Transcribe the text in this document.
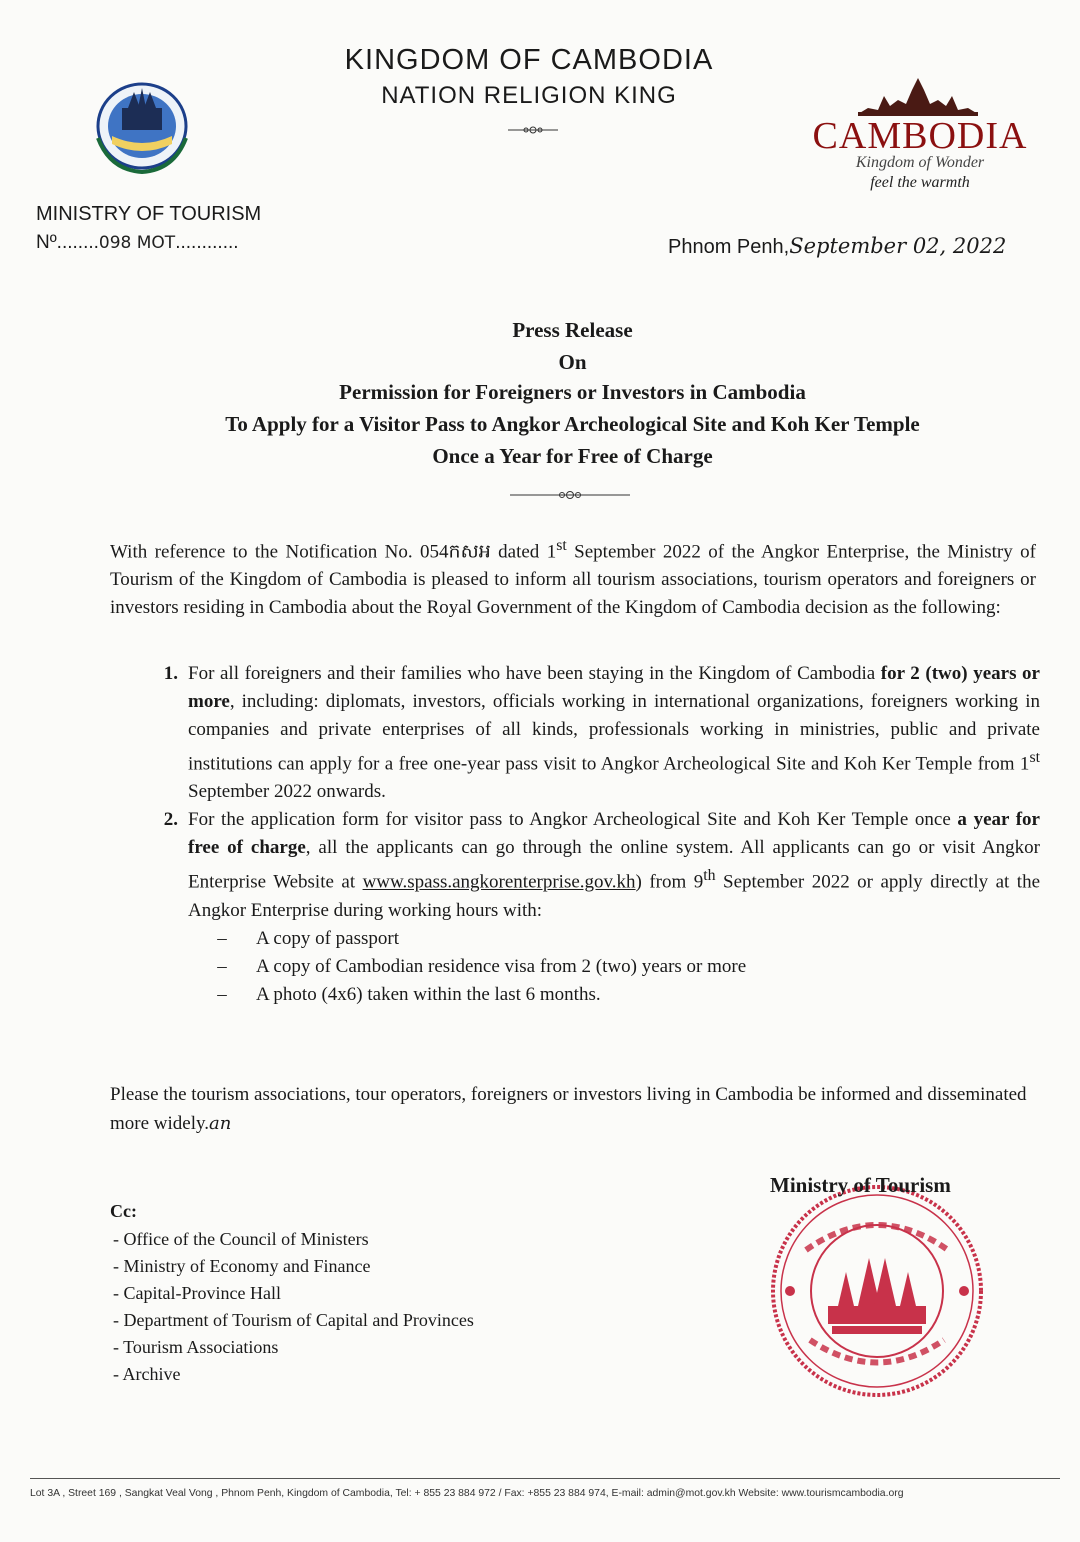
KINGDOM OF CAMBODIA
NATION RELIGION KING
CAMBODIA
Kingdom of Wonder
feel the warmth
MINISTRY OF TOURISM
Nº........098 MOT............	Phnom Penh,September 02, 2022
Press Release
On
Permission for Foreigners or Investors in Cambodia
To Apply for a Visitor Pass to Angkor Archeological Site and Koh Ker Temple
Once a Year for Free of Charge
With reference to the Notification No. 054កសអ dated 1st September 2022 of the Angkor Enterprise, the Ministry of Tourism of the Kingdom of Cambodia is pleased to inform all tourism associations, tourism operators and foreigners or investors residing in Cambodia about the Royal Government of the Kingdom of Cambodia decision as the following:
1. For all foreigners and their families who have been staying in the Kingdom of Cambodia for 2 (two) years or more, including: diplomats, investors, officials working in international organizations, foreigners working in companies and private enterprises of all kinds, professionals working in ministries, public and private institutions can apply for a free one-year pass visit to Angkor Archeological Site and Koh Ker Temple from 1st September 2022 onwards.
2. For the application form for visitor pass to Angkor Archeological Site and Koh Ker Temple once a year for free of charge, all the applicants can go through the online system. All applicants can go or visit Angkor Enterprise Website at www.spass.angkorenterprise.gov.kh) from 9th September 2022 or apply directly at the Angkor Enterprise during working hours with:
–	A copy of passport
–	A copy of Cambodian residence visa from 2 (two) years or more
–	A photo (4x6) taken within the last 6 months.
Please the tourism associations, tour operators, foreigners or investors living in Cambodia be informed and disseminated more widely.an
Cc:
- Office of the Council of Ministers
- Ministry of Economy and Finance
- Capital-Province Hall
- Department of Tourism of Capital and Provinces
- Tourism Associations
- Archive
Ministry of Tourism
Lot 3A , Street 169 , Sangkat Veal Vong , Phnom Penh, Kingdom of Cambodia, Tel: + 855 23 884 972 / Fax: +855 23 884 974, E-mail: admin@mot.gov.kh Website: www.tourismcambodia.org
